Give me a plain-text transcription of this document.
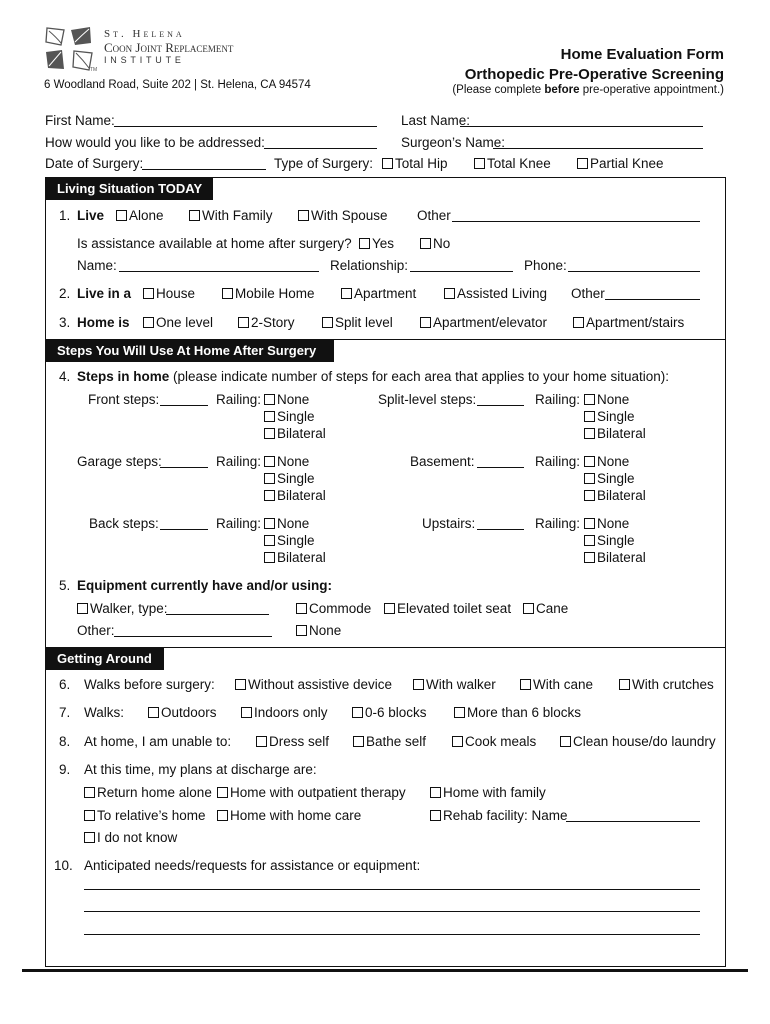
TM
St. Helena
Coon Joint Replacement
INSTITUTE
6 Woodland Road, Suite 202 | St. Helena, CA 94574
Home Evaluation Form
Orthopedic Pre-Operative Screening
(Please complete before pre-operative appointment.)
First Name:	Last Name:
How would you like to be addressed:	Surgeon’s Name:
Date of Surgery:	Type of Surgery:	Total Hip	Total Knee	Partial Knee
Living Situation TODAY
Steps You Will Use At Home After Surgery
Getting Around
1. Live	Alone	With Family	With Spouse Other
Is assistance available at home after surgery?	Yes	No
Name:	Relationship:	Phone:
2. Live in a	House	Mobile Home	Apartment	Assisted Living Other
3. Home is	One level	2-Story	Split level	Apartment/elevator	Apartment/stairs
4. Steps in home (please indicate number of steps for each area that applies to your home situation):
Front steps:	Railing:	None
Single
Bilateral
Garage steps:	Railing:	None
Single
Bilateral
Back steps:	Railing:	None
Single
Bilateral
Split-level steps:	Railing:	None
Single
Bilateral
Basement:	Railing:	None
Single
Bilateral
Upstairs:	Railing:	None
Single
Bilateral
5. Equipment currently have and/or using:
Walker, type:	Commode	Elevated toilet seat	Cane
Other:	None
6. Walks before surgery:	Without assistive device	With walker	With cane	With crutches
7. Walks:	Outdoors	Indoors only	0-6 blocks	More than 6 blocks
8. At home, I am unable to:	Dress self	Bathe self	Cook meals	Clean house/do laundry
9. At this time, my plans at discharge are:
Return home alone	Home with outpatient therapy	Home with family
To relative’s home	Home with home care	Rehab facility: Name
I do not know
10. Anticipated needs/requests for assistance or equipment:
